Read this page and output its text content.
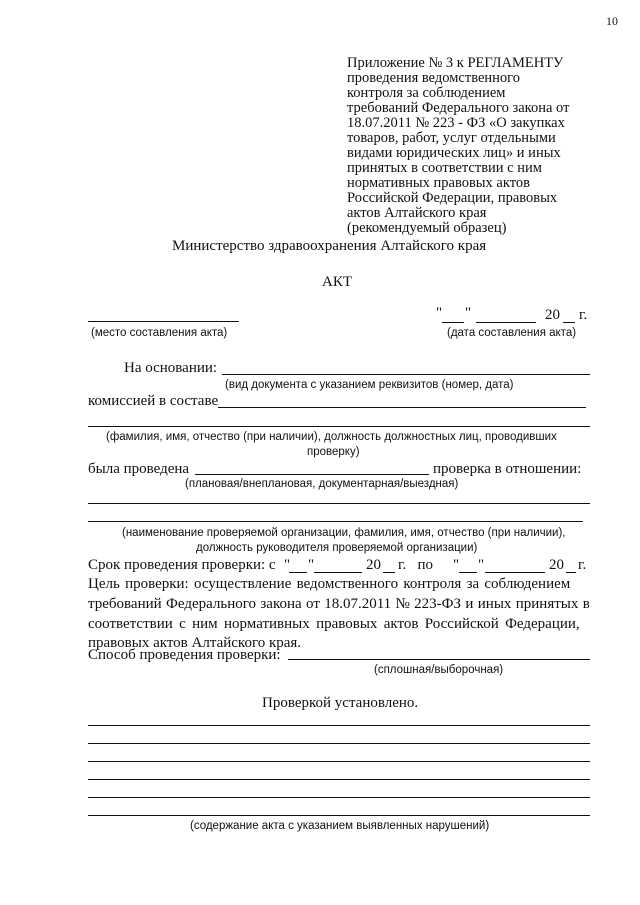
10
Приложение № 3 к РЕГЛАМЕНТУ
проведения ведомственного
контроля за соблюдением
требований Федерального закона от
18.07.2011 № 223 - ФЗ «О закупках
товаров, работ, услуг отдельными
видами юридических лиц» и иных
принятых в соответствии с ним
нормативных правовых актов
Российской Федерации, правовых
актов Алтайского края
(рекомендуемый образец)
Министерство здравоохранения Алтайского края
АКТ
(место составления акта)
" "	20 г.
(дата составления акта)
На основании:
(вид документа с указанием реквизитов (номер, дата)
комиссией в составе
(фамилия, имя, отчество (при наличии), должность должностных лиц, проводивших
проверку)
была проведена	проверка в отношении:
(плановая/внеплановая, документарная/выездная)
(наименование проверяемой организации, фамилия, имя, отчество (при наличии),
должность руководителя проверяемой организации)
Срок проведения проверки: с " "	20 г.   по " "	20 г.
Цель проверки: осуществление ведомственного контроля за соблюдением
требований Федерального закона от 18.07.2011 № 223-ФЗ и иных принятых в
соответствии с ним нормативных правовых актов Российской Федерации,
правовых актов Алтайского края.
Способ проведения проверки:
(сплошная/выборочная)
Проверкой установлено.
(содержание акта с указанием выявленных нарушений)
